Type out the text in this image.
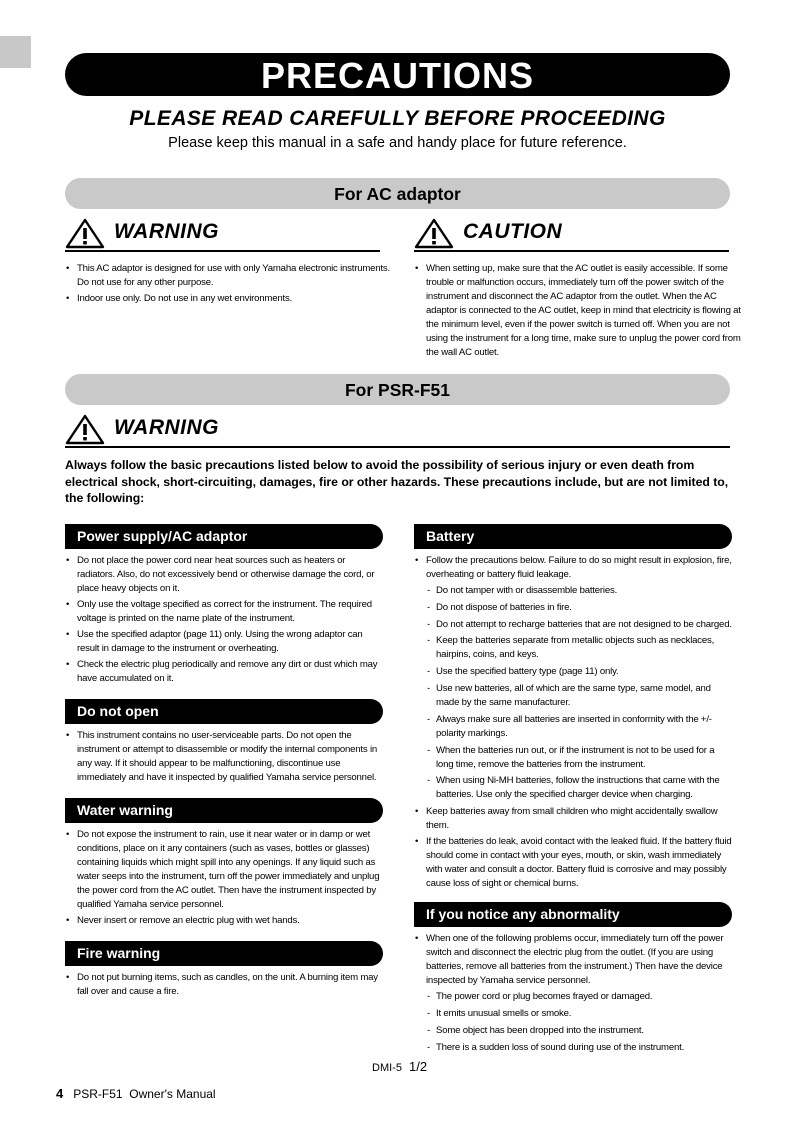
PRECAUTIONS
PLEASE READ CAREFULLY BEFORE PROCEEDING
Please keep this manual in a safe and handy place for future reference.
For AC adaptor
WARNING	CAUTION
• This AC adaptor is designed for use with only Yamaha electronic instruments. Do not use for any other purpose.
• Indoor use only. Do not use in any wet environments.
• When setting up, make sure that the AC outlet is easily accessible. If some trouble or malfunction occurs, immediately turn off the power switch of the instrument and disconnect the AC adaptor from the outlet. When the AC adaptor is connected to the AC outlet, keep in mind that electricity is flowing at the minimum level, even if the power switch is turned off. When you are not using the instrument for a long time, make sure to unplug the power cord from the wall AC outlet.
For PSR-F51
WARNING
Always follow the basic precautions listed below to avoid the possibility of serious injury or even death from electrical shock, short-circuiting, damages, fire or other hazards. These precautions include, but are not limited to, the following:
Power supply/AC adaptor
• Do not place the power cord near heat sources such as heaters or radiators. Also, do not excessively bend or otherwise damage the cord, or place heavy objects on it.
• Only use the voltage specified as correct for the instrument. The required voltage is printed on the name plate of the instrument.
• Use the specified adaptor (page 11) only. Using the wrong adaptor can result in damage to the instrument or overheating.
• Check the electric plug periodically and remove any dirt or dust which may have accumulated on it.
Do not open
• This instrument contains no user-serviceable parts. Do not open the instrument or attempt to disassemble or modify the internal components in any way. If it should appear to be malfunctioning, discontinue use immediately and have it inspected by qualified Yamaha service personnel.
Water warning
• Do not expose the instrument to rain, use it near water or in damp or wet conditions, place on it any containers (such as vases, bottles or glasses) containing liquids which might spill into any openings. If any liquid such as water seeps into the instrument, turn off the power immediately and unplug the power cord from the AC outlet. Then have the instrument inspected by qualified Yamaha service personnel.
• Never insert or remove an electric plug with wet hands.
Fire warning
• Do not put burning items, such as candles, on the unit. A burning item may fall over and cause a fire.
Battery
• Follow the precautions below. Failure to do so might result in explosion, fire, overheating or battery fluid leakage.
- Do not tamper with or disassemble batteries.
- Do not dispose of batteries in fire.
- Do not attempt to recharge batteries that are not designed to be charged.
- Keep the batteries separate from metallic objects such as necklaces, hairpins, coins, and keys.
- Use the specified battery type (page 11) only.
- Use new batteries, all of which are the same type, same model, and made by the same manufacturer.
- Always make sure all batteries are inserted in conformity with the +/- polarity markings.
- When the batteries run out, or if the instrument is not to be used for a long time, remove the batteries from the instrument.
- When using Ni-MH batteries, follow the instructions that came with the batteries. Use only the specified charger device when charging.
• Keep batteries away from small children who might accidentally swallow them.
• If the batteries do leak, avoid contact with the leaked fluid. If the battery fluid should come in contact with your eyes, mouth, or skin, wash immediately with water and consult a doctor. Battery fluid is corrosive and may possibly cause loss of sight or chemical burns.
If you notice any abnormality
• When one of the following problems occur, immediately turn off the power switch and disconnect the electric plug from the outlet. (If you are using batteries, remove all batteries from the instrument.) Then have the device inspected by Yamaha service personnel.
- The power cord or plug becomes frayed or damaged.
- It emits unusual smells or smoke.
- Some object has been dropped into the instrument.
- There is a sudden loss of sound during use of the instrument.
DMI-5 1/2
4 PSR-F51  Owner's Manual
